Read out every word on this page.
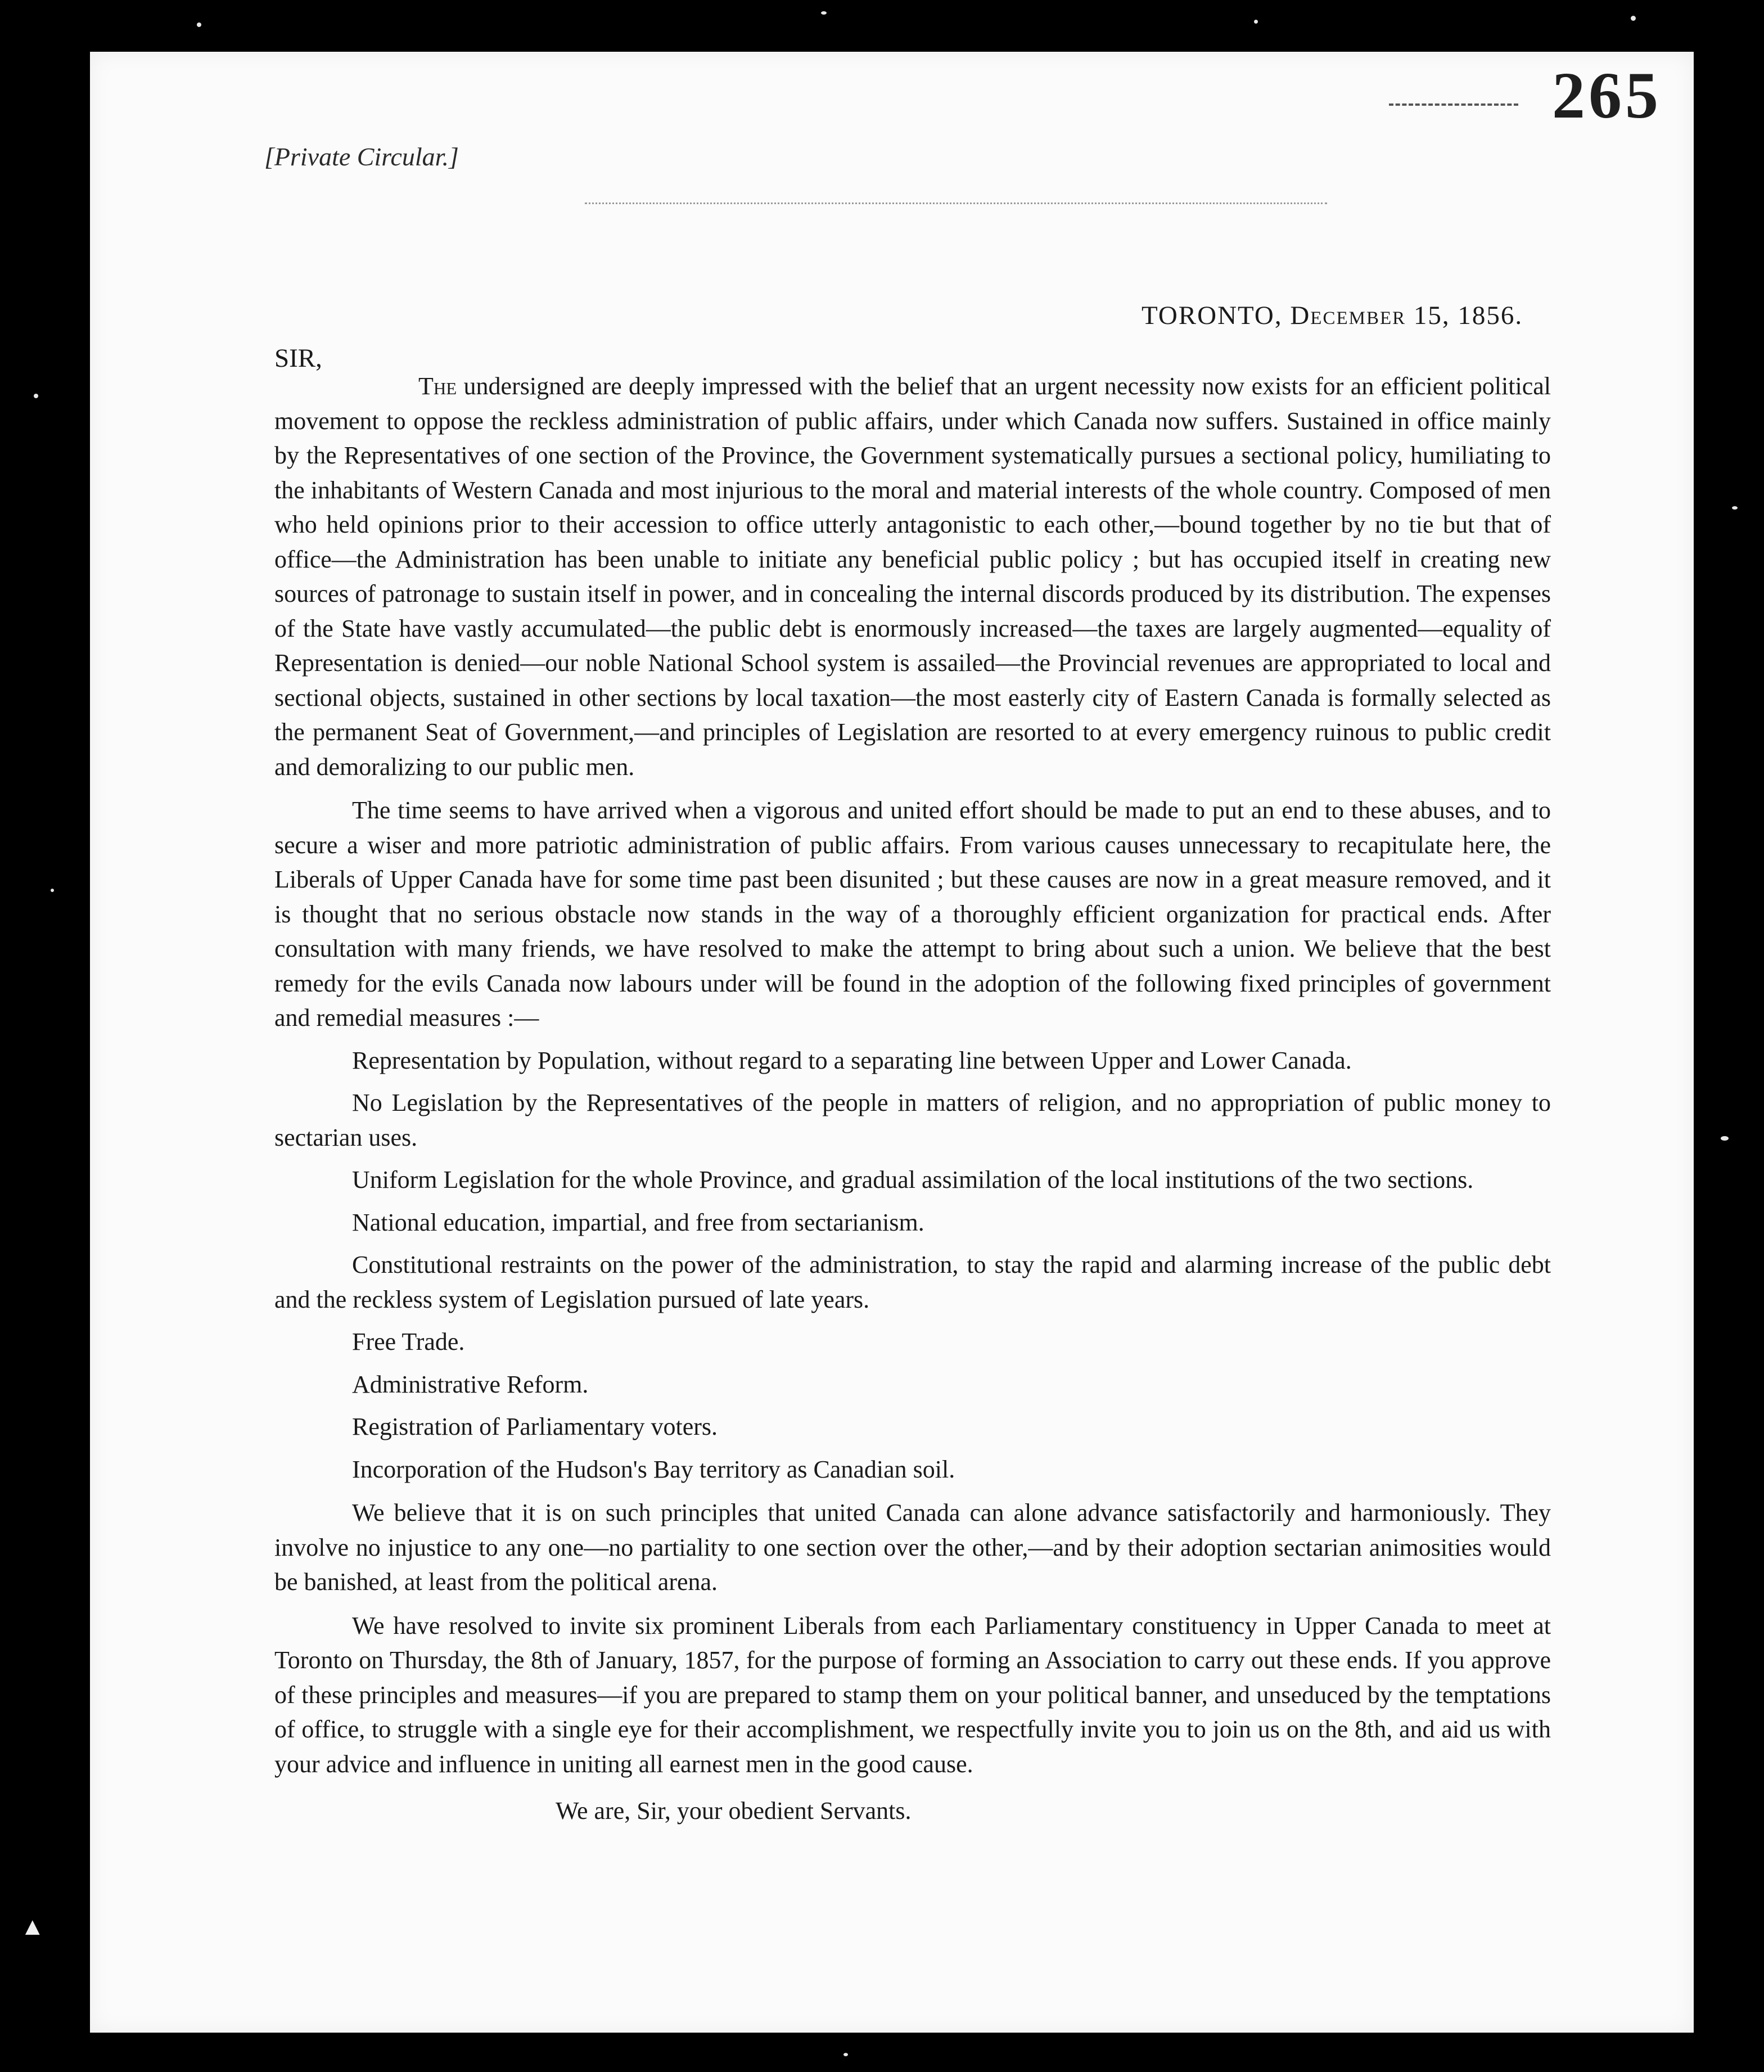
▲
265
[Private Circular.]
TORONTO, December 15, 1856.
SIR,

The undersigned are deeply impressed with the belief that an urgent necessity now exists for an efficient political movement to oppose the reckless administration of public affairs, under which Canada now suffers. Sustained in office mainly by the Representatives of one section of the Province, the Government systematically pursues a sectional policy, humiliating to the inhabitants of Western Canada and most injurious to the moral and material interests of the whole country. Composed of men who held opinions prior to their accession to office utterly antagonistic to each other,—bound together by no tie but that of office—the Administration has been unable to initiate any beneficial public policy ; but has occupied itself in creating new sources of patronage to sustain itself in power, and in concealing the internal discords produced by its distribution. The expenses of the State have vastly accumulated—the public debt is enormously increased—the taxes are largely augmented—equality of Representation is denied—our noble National School system is assailed—the Provincial revenues are appropriated to local and sectional objects, sustained in other sections by local taxation—the most easterly city of Eastern Canada is formally selected as the permanent Seat of Government,—and principles of Legislation are resorted to at every emergency ruinous to public credit and demoralizing to our public men.

The time seems to have arrived when a vigorous and united effort should be made to put an end to these abuses, and to secure a wiser and more patriotic administration of public affairs. From various causes unnecessary to recapitulate here, the Liberals of Upper Canada have for some time past been disunited ; but these causes are now in a great measure removed, and it is thought that no serious obstacle now stands in the way of a thoroughly efficient organization for practical ends. After consultation with many friends, we have resolved to make the attempt to bring about such a union. We believe that the best remedy for the evils Canada now labours under will be found in the adoption of the following fixed principles of government and remedial measures :—

Representation by Population, without regard to a separating line between Upper and Lower Canada.

No Legislation by the Representatives of the people in matters of religion, and no appropriation of public money to sectarian uses.

Uniform Legislation for the whole Province, and gradual assimilation of the local institutions of the two sections.

National education, impartial, and free from sectarianism.

Constitutional restraints on the power of the administration, to stay the rapid and alarming increase of the public debt and the reckless system of Legislation pursued of late years.

Free Trade.

Administrative Reform.

Registration of Parliamentary voters.

Incorporation of the Hudson's Bay territory as Canadian soil.

We believe that it is on such principles that united Canada can alone advance satisfactorily and harmoniously. They involve no injustice to any one—no partiality to one section over the other,—and by their adoption sectarian animosities would be banished, at least from the political arena.

We have resolved to invite six prominent Liberals from each Parliamentary constituency in Upper Canada to meet at Toronto on Thursday, the 8th of January, 1857, for the purpose of forming an Association to carry out these ends. If you approve of these principles and measures—if you are prepared to stamp them on your political banner, and unseduced by the temptations of office, to struggle with a single eye for their accomplishment, we respectfully invite you to join us on the 8th, and aid us with your advice and influence in uniting all earnest men in the good cause.

We are, Sir, your obedient Servants.
